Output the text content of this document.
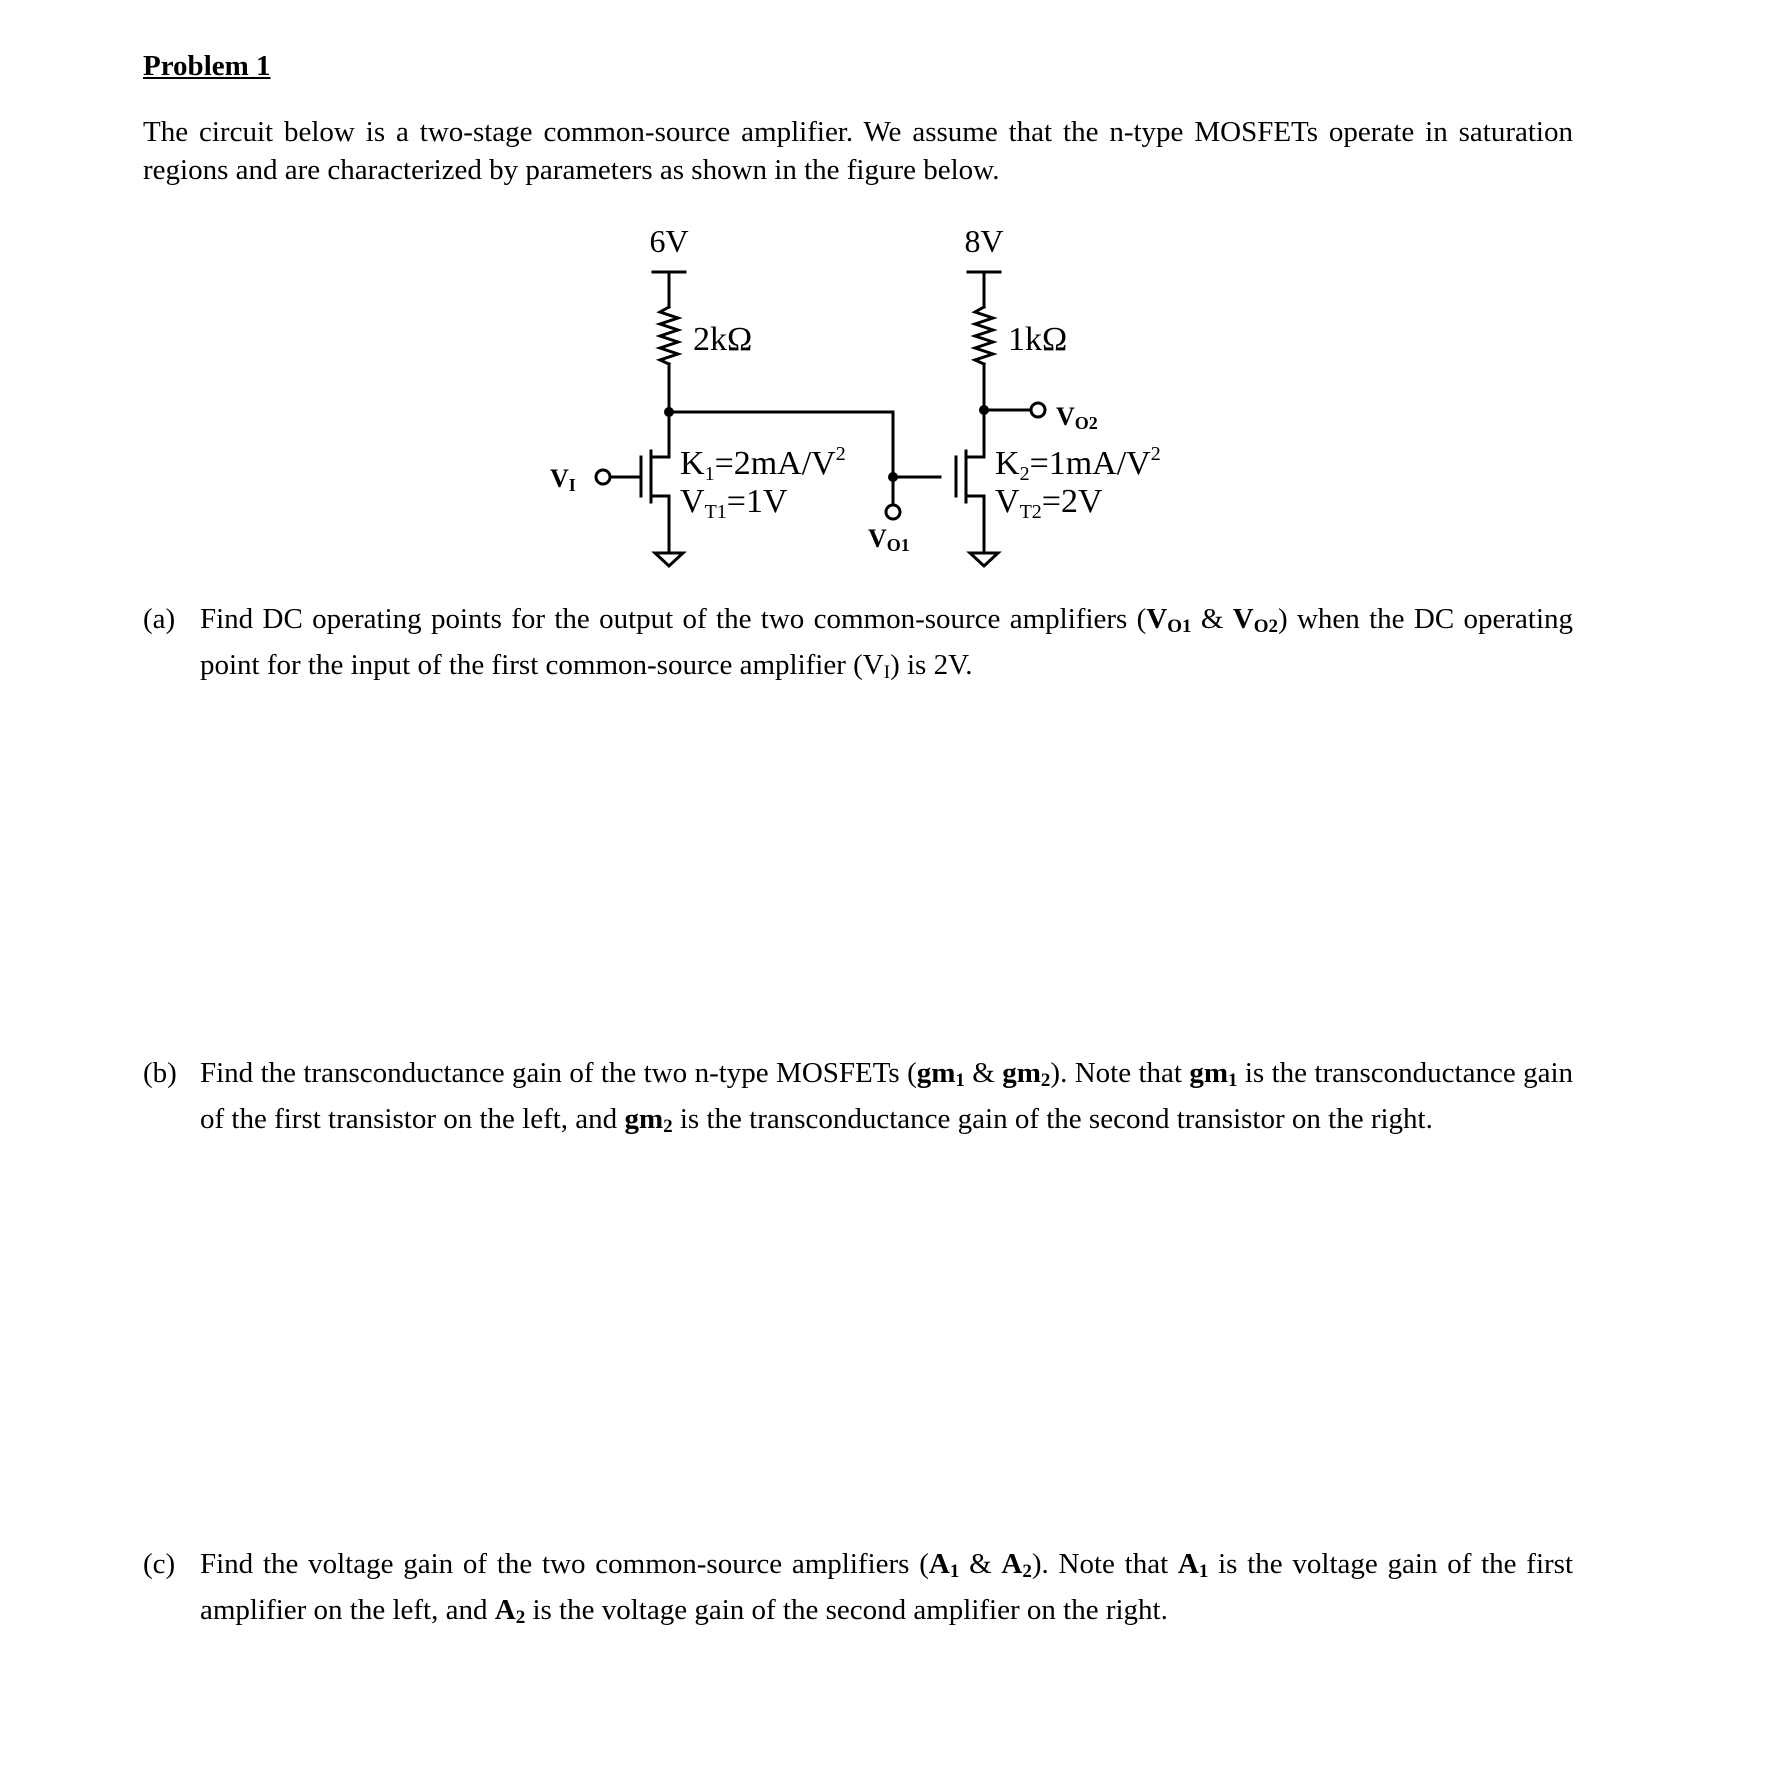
Problem 1
The circuit below is a two-stage common-source amplifier. We assume that the n-type MOSFETs operate in saturation regions and are characterized by parameters as shown in the figure below.
6V	8V
2kΩ	1kΩ
VI
VO1
VO2
$K1=2mA/V^2$
VT1=1V
$K2=1mA/V^2$
VT2=2V
(a) Find DC operating points for the output of the two common-source amplifiers ($V_{O1}$ & $V_{O2}$) when the DC operating point for the input of the first common-source amplifier $(V_I)$ is 2V.
(b) Find the transconductance gain of the two n-type MOSFETs ($gm_1$ & $gm_2$). Note that $gm_1$ is the transconductance gain of the first transistor on the left, and $gm_2$ is the transconductance gain of the second transistor on the right.
(c) Find the voltage gain of the two common-source amplifiers ($A_1$ & $A_2$). Note that $A_1$ is the voltage gain of the first amplifier on the left, and $A_2$ is the voltage gain of the second amplifier on the right.
